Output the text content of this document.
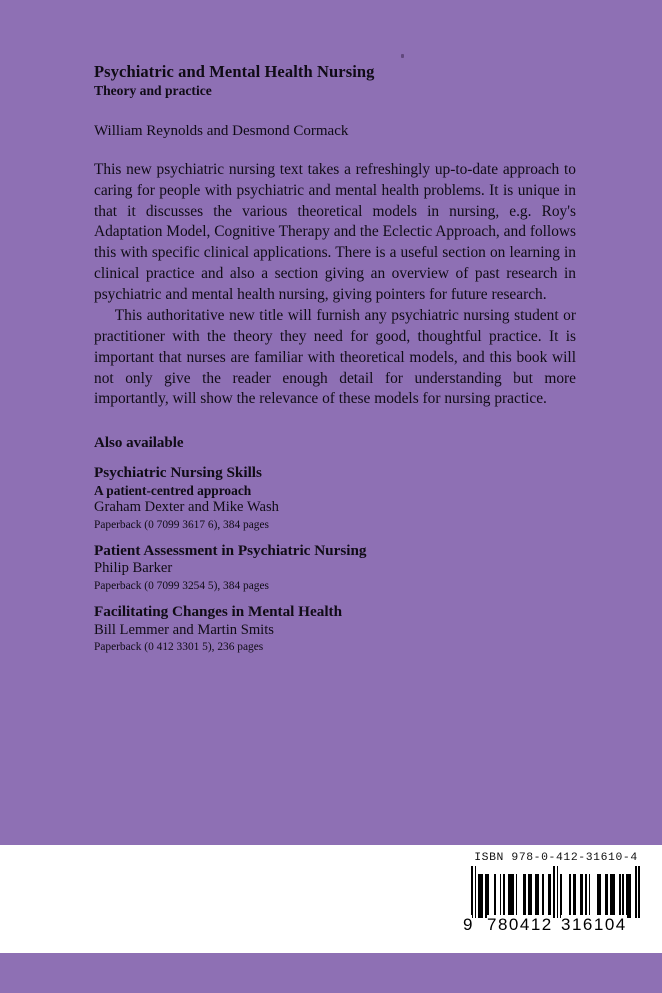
Psychiatric and Mental Health Nursing
Theory and practice

William Reynolds and Desmond Cormack

This new psychiatric nursing text takes a refreshingly up-to-date approach to caring for people with psychiatric and mental health problems. It is unique in that it discusses the various theoretical models in nursing, e.g. Roy's Adaptation Model, Cognitive Therapy and the Eclectic Approach, and follows this with specific clinical applications. There is a useful section on learning in clinical practice and also a section giving an overview of past research in psychiatric and mental health nursing, giving pointers for future research.

This authoritative new title will furnish any psychiatric nursing student or practitioner with the theory they need for good, thoughtful practice. It is important that nurses are familiar with theoretical models, and this book will not only give the reader enough detail for understanding but more importantly, will show the relevance of these models for nursing practice.

Also available

Psychiatric Nursing Skills

A patient-centred approach

Graham Dexter and Mike Wash

Paperback (0 7099 3617 6), 384 pages

Patient Assessment in Psychiatric Nursing

Philip Barker

Paperback (0 7099 3254 5), 384 pages

Facilitating Changes in Mental Health

Bill Lemmer and Martin Smits

Paperback (0 412 3301 5), 236 pages

ISBN 978-0-412-31610-4

9 780412 316104
